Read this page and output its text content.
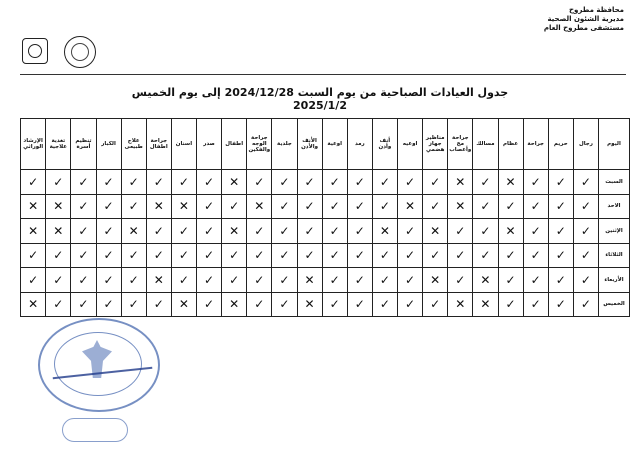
محافظة مطروح
مديرية الشئون الصحية
مستشفى مطروح العام
جدول العيادات الصباحية من يوم السبت 2024/12/28 إلى يوم الخميس
2025/1/2
اليوم	رجال	حريم	جراحة	عظام	مسالك	جراحة مخ وأعصاب	مناظير جهاز هضمي	اوعيه	أنف وأذن	رمد	اوعية	الأنف والأذن	جلدية	جراحة الوجه والفكين	اطفال	صدر	اسنان	جراحة اطفال	علاج طبيعى	الكبار	تنظيم أسرة	تغذية علاجية	الإرشاد الوراثي
السبت	✓	✓	✓	✕	✓	✕	✓	✓	✓	✓	✓	✓	✓	✓	✕	✓	✓	✓	✓	✓	✓	✓	✓
الاحد	✓	✓	✓	✓	✓	✕	✓	✕	✓	✓	✓	✓	✓	✕	✓	✓	✕	✕	✓	✓	✓	✕	✕
الإثنين	✓	✓	✓	✕	✓	✓	✕	✓	✕	✓	✓	✓	✓	✓	✕	✓	✓	✓	✕	✓	✓	✕	✕
الثلاثاء	✓	✓	✓	✓	✓	✓	✓	✓	✓	✓	✓	✓	✓	✓	✓	✓	✓	✓	✓	✓	✓	✓	✓
الأربعاء	✓	✓	✓	✓	✕	✓	✕	✓	✓	✓	✓	✕	✓	✓	✓	✓	✓	✕	✓	✓	✓	✓	✓
الخميس	✓	✓	✓	✓	✕	✕	✓	✓	✓	✓	✓	✕	✓	✓	✕	✓	✕	✓	✓	✓	✓	✓	✕
